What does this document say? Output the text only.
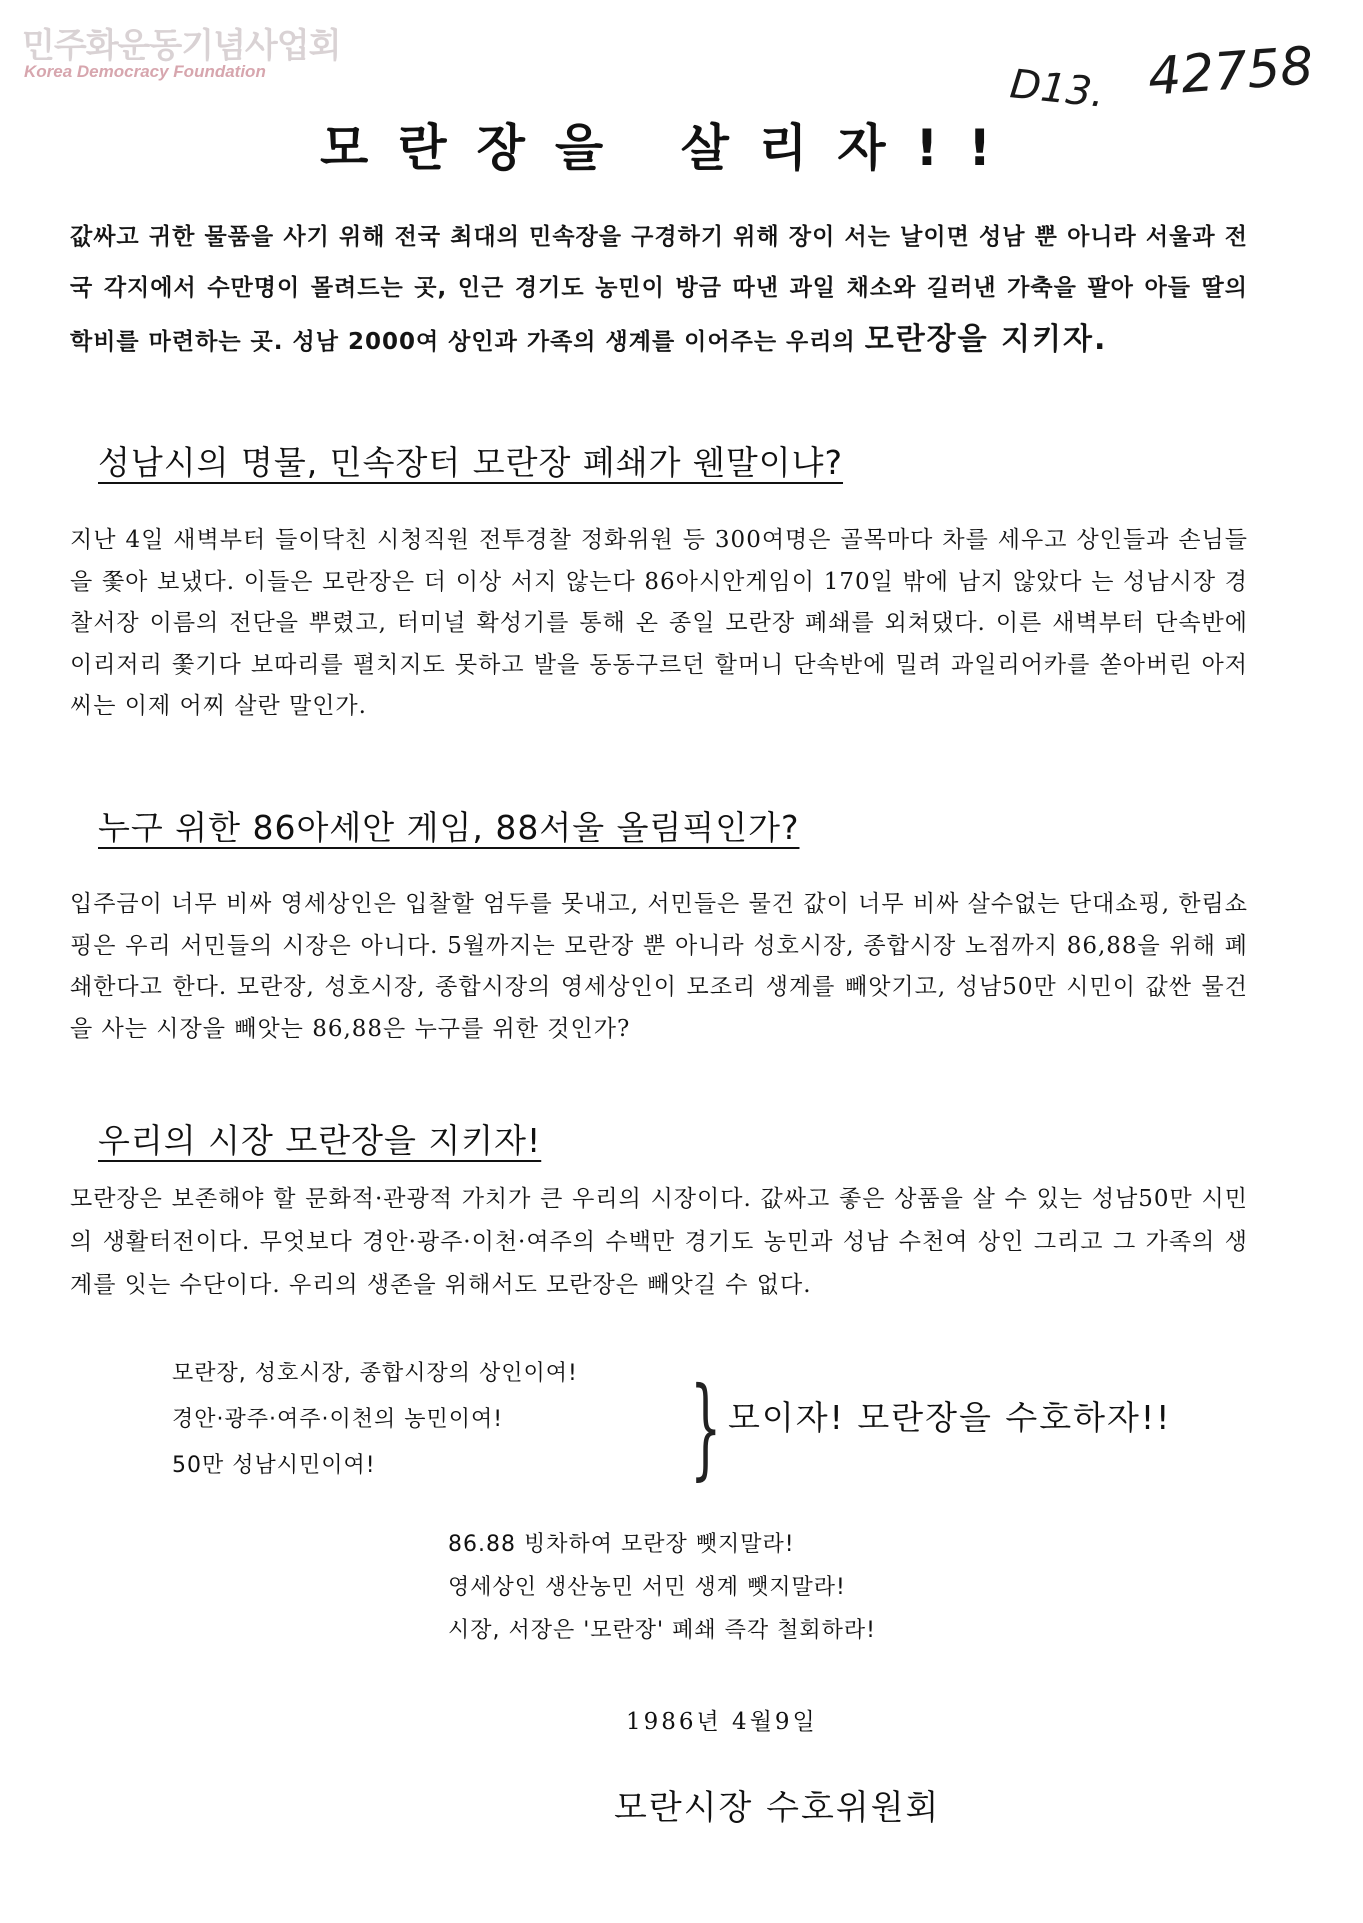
민주화운동기념사업회
Korea Democracy Foundation	D13. 42758
모란장을 살리자!!
값싸고 귀한 물품을 사기 위해 전국 최대의 민속장을 구경하기 위해 장이 서는 날이면 성남 뿐 아니라 서울과 전국 각지에서 수만명이 몰려드는 곳, 인근 경기도 농민이 방금 따낸 과일 채소와 길러낸 가축을 팔아 아들 딸의 학비를 마련하는 곳. 성남 2000여 상인과 가족의 생계를 이어주는 우리의 모란장을 지키자.
성남시의 명물, 민속장터 모란장 폐쇄가 웬말이냐?
지난 4일 새벽부터 들이닥친 시청직원 전투경찰 정화위원 등 300여명은 골목마다 차를 세우고 상인들과 손님들을 쫓아 보냈다. 이들은 모란장은 더 이상 서지 않는다 86아시안게임이 170일 밖에 남지 않았다 는 성남시장 경찰서장 이름의 전단을 뿌렸고, 터미널 확성기를 통해 온 종일 모란장 폐쇄를 외쳐댔다. 이른 새벽부터 단속반에 이리저리 쫓기다 보따리를 펼치지도 못하고 발을 동동구르던 할머니 단속반에 밀려 과일리어카를 쏟아버린 아저씨는 이제 어찌 살란 말인가.
누구 위한 86아세안 게임, 88서울 올림픽인가?
입주금이 너무 비싸 영세상인은 입찰할 엄두를 못내고, 서민들은 물건 값이 너무 비싸 살수없는 단대쇼핑, 한림쇼핑은 우리 서민들의 시장은 아니다. 5월까지는 모란장 뿐 아니라 성호시장, 종합시장 노점까지 86,88을 위해 폐쇄한다고 한다. 모란장, 성호시장, 종합시장의 영세상인이 모조리 생계를 빼앗기고, 성남50만 시민이 값싼 물건을 사는 시장을 빼앗는 86,88은 누구를 위한 것인가?
우리의 시장 모란장을 지키자!
모란장은 보존해야 할 문화적·관광적 가치가 큰 우리의 시장이다. 값싸고 좋은 상품을 살 수 있는 성남50만 시민의 생활터전이다. 무엇보다 경안·광주·이천·여주의 수백만 경기도 농민과 성남 수천여 상인 그리고 그 가족의 생계를 잇는 수단이다. 우리의 생존을 위해서도 모란장은 빼앗길 수 없다.
모란장, 성호시장, 종합시장의 상인이여!
경안·광주·여주·이천의 농민이여!
50만 성남시민이여!	} 모이자! 모란장을 수호하자!!
86.88 빙차하여 모란장 뺏지말라!
영세상인 생산농민 서민 생계 뺏지말라!
시장, 서장은 '모란장' 폐쇄 즉각 철회하라!
1986년 4월9일
모란시장 수호위원회
